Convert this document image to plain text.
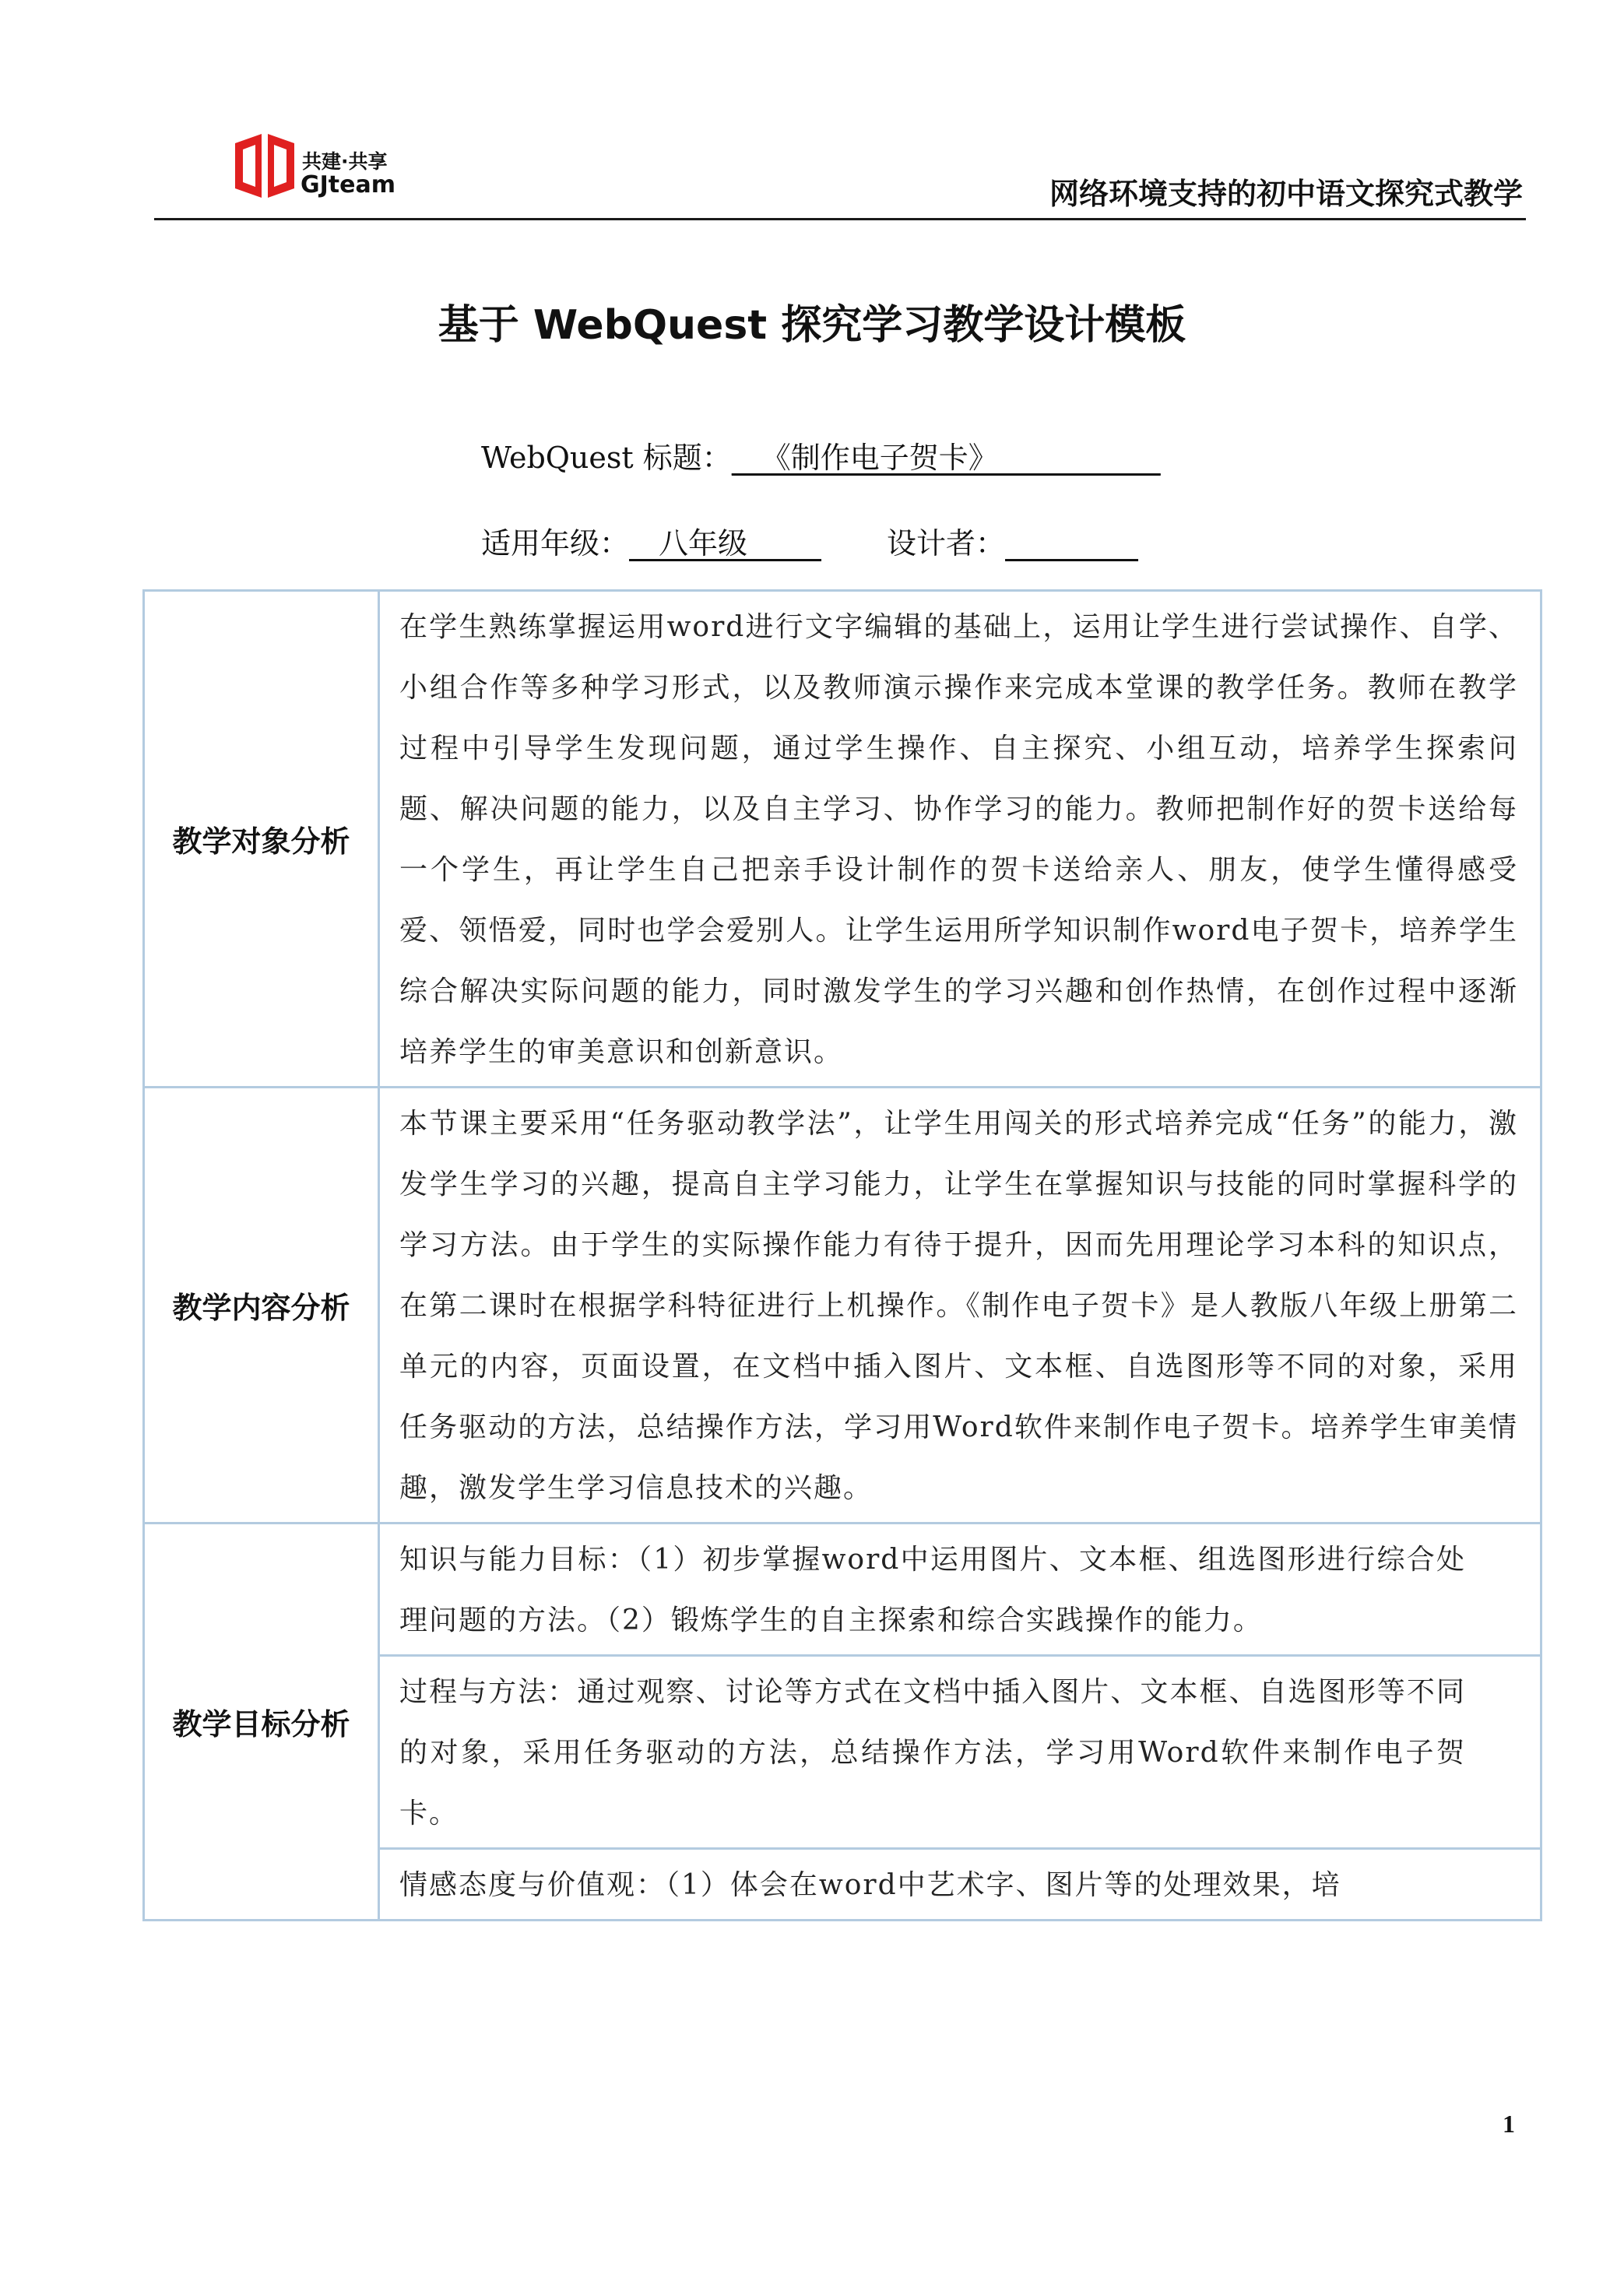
共建·共享
GJteam	网络环境支持的初中语文探究式教学
基于 WebQuest 探究学习教学设计模板
WebQuest 标题：__《制作电子贺卡》___________
适用年级：__八年级_____ 设计者：_________
教学对象分析	在学生熟练掌握运用word进行文字编辑的基础上，运用让学生进行尝试操作、自学、小组合作等多种学习形式，以及教师演示操作来完成本堂课的教学任务。教师在教学过程中引导学生发现问题，通过学生操作、自主探究、小组互动，培养学生探索问题、解决问题的能力，以及自主学习、协作学习的能力。教师把制作好的贺卡送给每一个学生，再让学生自己把亲手设计制作的贺卡送给亲人、朋友，使学生懂得感受爱、领悟爱，同时也学会爱别人。让学生运用所学知识制作word电子贺卡，培养学生综合解决实际问题的能力，同时激发学生的学习兴趣和创作热情，在创作过程中逐渐培养学生的审美意识和创新意识。
教学内容分析	本节课主要采用“任务驱动教学法”，让学生用闯关的形式培养完成“任务”的能力，激发学生学习的兴趣，提高自主学习能力，让学生在掌握知识与技能的同时掌握科学的学习方法。由于学生的实际操作能力有待于提升，因而先用理论学习本科的知识点，在第二课时在根据学科特征进行上机操作。《制作电子贺卡》是人教版八年级上册第二单元的内容，页面设置，在文档中插入图片、文本框、自选图形等不同的对象，采用任务驱动的方法，总结操作方法，学习用Word软件来制作电子贺卡。培养学生审美情趣，激发学生学习信息技术的兴趣。
教学目标分析	知识与能力目标：（1）初步掌握word中运用图片、文本框、组选图形进行综合处理问题的方法。（2）锻炼学生的自主探索和综合实践操作的能力。
	过程与方法：通过观察、讨论等方式在文档中插入图片、文本框、自选图形等不同的对象，采用任务驱动的方法，总结操作方法，学习用Word软件来制作电子贺卡。
	情感态度与价值观：（1）体会在word中艺术字、图片等的处理效果，培
1
